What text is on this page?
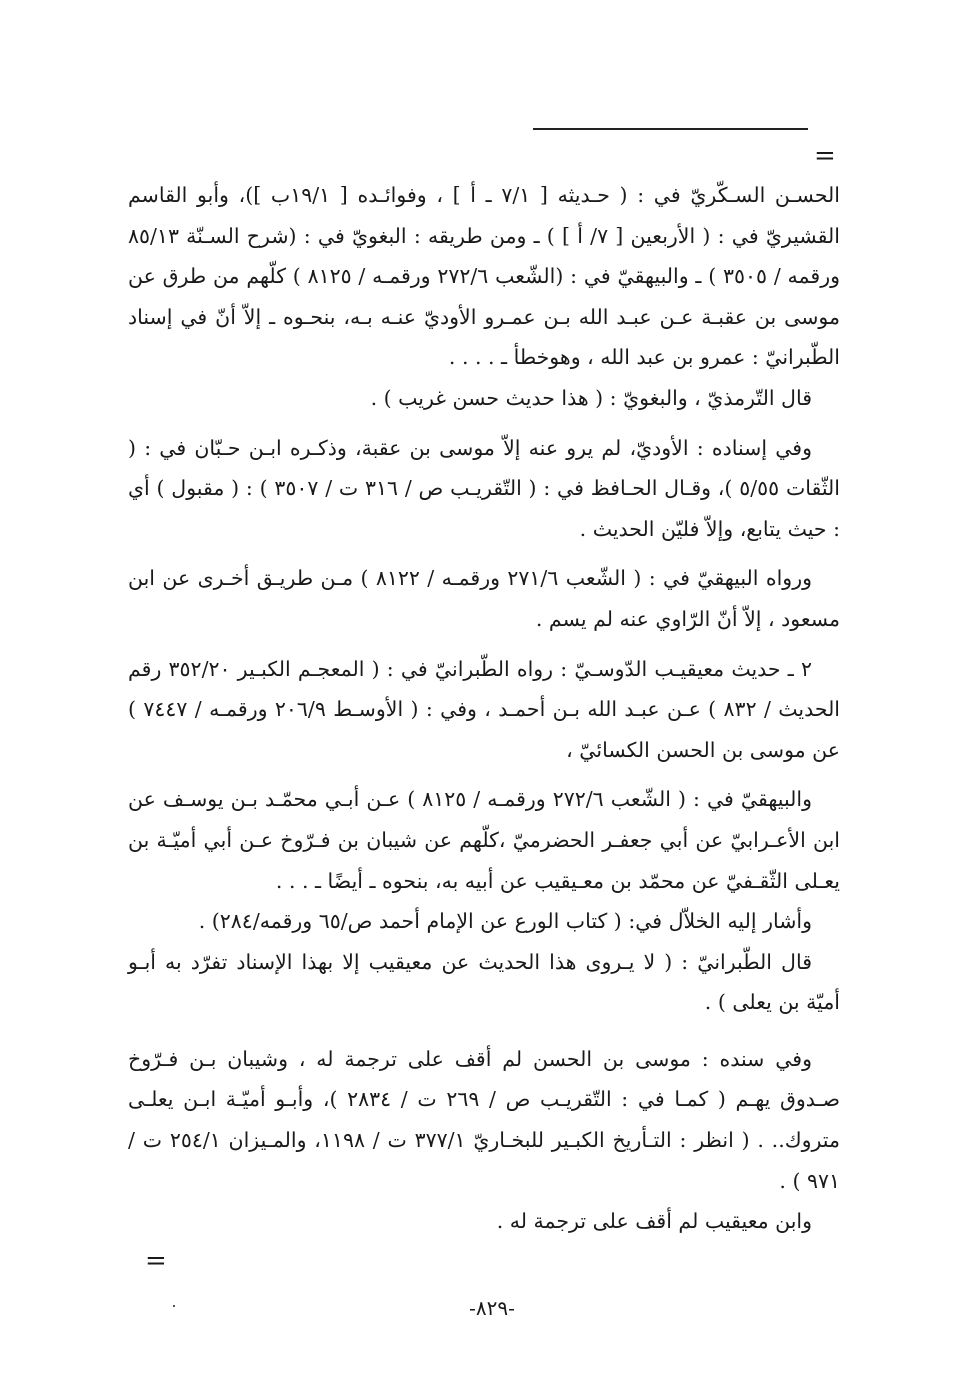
=

الحسـن السـكّريّ في : ( حـديثه [ ٧/١ ـ أ ] ، وفوائـده [ ١٩/١ب ])، وأبو القاسم القشيريّ في : ( الأربعين [ ٧/ أ ] ) ـ ومن طريقه : البغويّ في : (شرح السـنّة ٨٥/١٣ ورقمه / ٣٥٠٥ ) ـ والبيهقيّ في : (الشّعب ٢٧٢/٦ ورقمـه / ٨١٢٥ ) كلّهم من طرق عن موسى بن عقبـة عـن عبـد الله بـن عمـرو الأوديّ عنـه بـه، بنحـوه ـ إلاّ أنّ في إسناد الطّبرانيّ : عمرو بن عبد الله ، وهوخطأ ـ . . . .

قال التّرمذيّ ، والبغويّ : ( هذا حديث حسن غريب ) .

وفي إسناده : الأوديّ، لم يرو عنه إلاّ موسى بن عقبة، وذكـره ابـن حـبّان في : ( الثّقات ٥/٥٥ )، وقـال الحـافظ في : ( التّقريـب ص / ٣١٦ ت / ٣٥٠٧ ) : ( مقبول ) أي : حيث يتابع، وإلاّ فليّن الحديث .

ورواه البيهقيّ في : ( الشّعب ٢٧١/٦ ورقمـه / ٨١٢٢ ) مـن طريـق أخـرى عن ابن مسعود ، إلاّ أنّ الرّاوي عنه لم يسم .

٢ ـ حديث معيقيـب الدّوسـيّ : رواه الطّبرانيّ في : ( المعجـم الكبـير ٣٥٢/٢٠ رقم الحديث / ٨٣٢ ) عـن عبـد الله بـن أحمـد ، وفي : ( الأوسـط ٢٠٦/٩ ورقمـه / ٧٤٤٧ ) عن موسى بن الحسن الكسائيّ ،

والبيهقيّ في : ( الشّعب ٢٧٢/٦ ورقمـه / ٨١٢٥ ) عـن أبـي محمّـد بـن يوسـف عن ابن الأعـرابيّ عن أبي جعفـر الحضرميّ ،كلّهم عن شيبان بن فـرّوخ عـن أبي أميّـة بن يعـلى الثّقـفيّ عن محمّد بن معـيقيب عن أبيه به، بنحوه ـ أيضًا ـ . . .

وأشار إليه الخلاّل في: ( كتاب الورع عن الإمام أحمد ص/٦٥ ورقمه/٢٨٤) .

قال الطّبرانيّ : ( لا يـروى هذا الحديث عن معيقيب إلا بهذا الإسناد تفرّد به أبـو أميّة بن يعلى ) .

وفي سنده : موسى بن الحسن لم أقف على ترجمة له ، وشيبان بـن فـرّوخ صـدوق يهـم ( كمـا في : التّقريـب ص / ٢٦٩ ت / ٢٨٣٤ )، وأبـو أميّـة ابـن يعلـى متروك.. . ( انظر : التـأريخ الكبـير للبخـاريّ ٣٧٧/١ ت / ١١٩٨، والمـيزان ٢٥٤/١ ت / ٩٧١ ) .

وابن معيقيب لم أقف على ترجمة له .

=
-٨٢٩-
